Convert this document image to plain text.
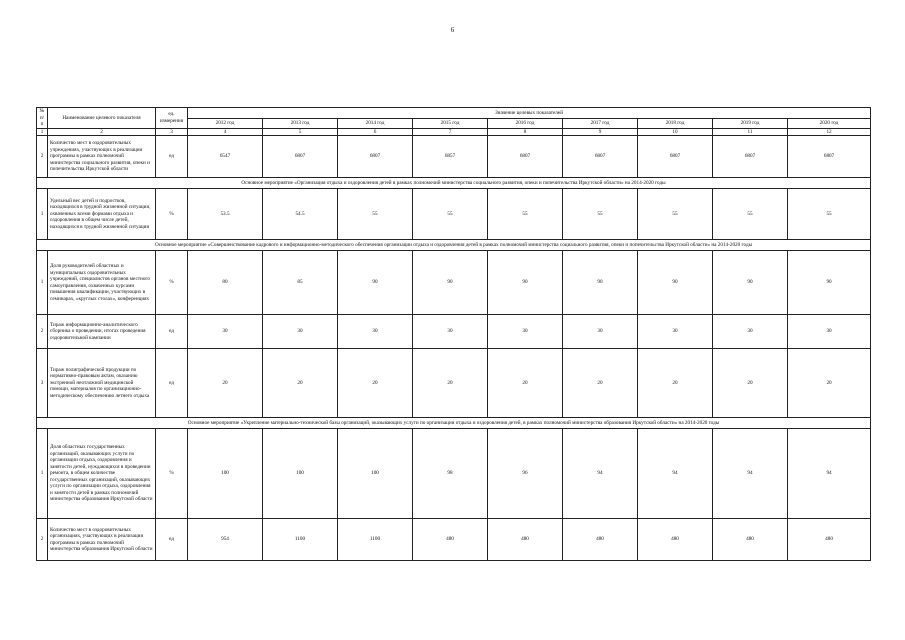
6
№ п/п	Наименование целевого показателя	ед. измерения	Значение целевых показателей								
			2012 год	2013 год	2014 год	2015 год	2016 год	2017 год	2018 год	2019 год	2020 год
1	2	3	4	5	6	7	8	9	10	11	12
2	Количество мест в оздоровительных учреждениях, участвующих в реализации программы в рамках полномочий министерства социального развития, опеки и попечительства Иркутской области	ед	6547	6807	6807	6857	6807	6807	6807	6807	6807
Основное мероприятие «Организация отдыха и оздоровления детей в рамках полномочий министерства социального развития, опеки и попечительства Иркутской области» на 2014-2020 годы											
1	Удельный вес детей и подростков, находящихся в трудной жизненной ситуации, охваченных всеми формами отдыха и оздоровления в общем числе детей, находящихся в трудной жизненной ситуации	%	53.5	54.5	55	55	55	55	55	55	55
Основное мероприятие «Совершенствование кадрового и информационно-методического обеспечения организации отдыха и оздоровления детей в рамках полномочий министерства социального развития, опеки и попечительства Иркутской области» на 2014-2020 годы											
1	Доля руководителей областных и муниципальных оздоровительных учреждений, специалистов органов местного самоуправления, охваченных курсами повышения квалификации, участвующих в семинарах, «круглых столах», конференциях	%	80	85	90	90	90	90	90	90	90
2	Тираж информационно-аналитического сборника о проведении, итогах проведения оздоровительной кампании	ед	30	30	30	30	30	30	30	30	30
3	Тираж полиграфической продукции по нормативно-правовым актам, оказанию экстренной неотложной медицинской помощи, материалов по организационно-методическому обеспечению летнего отдыха	ед	20	20	20	20	20	20	20	20	20
Основное мероприятие «Укрепление материально-технической базы организаций, оказывающих услуги по организации отдыха и оздоровления детей, в рамках полномочий министерства образования Иркутской области» на 2014-2020 годы											
1	Доля областных государственных организаций, оказывающих услуги по организации отдыха, оздоровления и занятости детей, нуждающихся в проведении ремонта, в общем количестве государственных организаций, оказывающих услуги по организации отдыха, оздоровления и занятости детей в рамках полномочий министерства образования Иркутской области	%	100	100	100	98	96	94	94	94	94
2	Количество мест в оздоровительных организациях, участвующих в реализации программы в рамках полномочий министерства образования Иркутской области	ед	954	1100	1100	480	480	480	480	480	480
